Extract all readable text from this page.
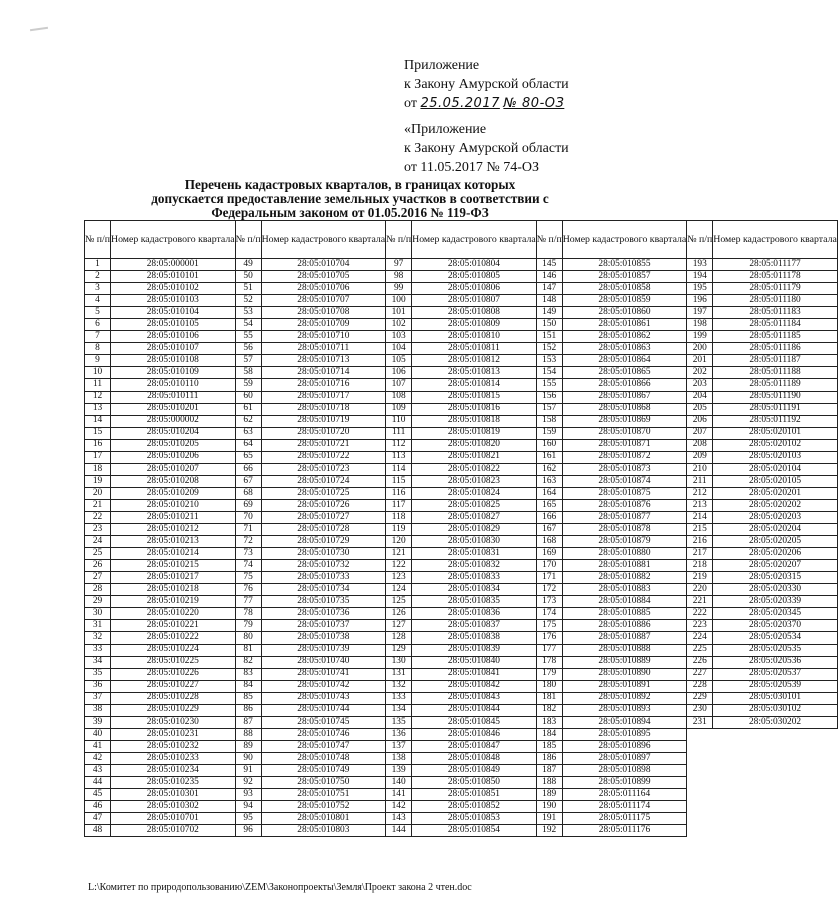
Приложение
к Закону Амурской области
от 25.05.2017 № 80-ОЗ
«Приложение
к Закону Амурской области
от 11.05.2017 № 74-ОЗ
Перечень кадастровых кварталов, в границах которых
допускается предоставление земельных участков в соответствии с
Федеральным законом от 01.05.2016 № 119-ФЗ
№ п/п	Номер кадастрового квартала	№ п/п	Номер кадастрового квартала	№ п/п	Номер кадастрового квартала	№ п/п	Номер кадастрового квартала	№ п/п	Номер кадастрового квартала
1	28:05:000001	49	28:05:010704	97	28:05:010804	145	28:05:010855	193	28:05:011177
2	28:05:010101	50	28:05:010705	98	28:05:010805	146	28:05:010857	194	28:05:011178
3	28:05:010102	51	28:05:010706	99	28:05:010806	147	28:05:010858	195	28:05:011179
4	28:05:010103	52	28:05:010707	100	28:05:010807	148	28:05:010859	196	28:05:011180
5	28:05:010104	53	28:05:010708	101	28:05:010808	149	28:05:010860	197	28:05:011183
6	28:05:010105	54	28:05:010709	102	28:05:010809	150	28:05:010861	198	28:05:011184
7	28:05:010106	55	28:05:010710	103	28:05:010810	151	28:05:010862	199	28:05:011185
8	28:05:010107	56	28:05:010711	104	28:05:010811	152	28:05:010863	200	28:05:011186
9	28:05:010108	57	28:05:010713	105	28:05:010812	153	28:05:010864	201	28:05:011187
10	28:05:010109	58	28:05:010714	106	28:05:010813	154	28:05:010865	202	28:05:011188
11	28:05:010110	59	28:05:010716	107	28:05:010814	155	28:05:010866	203	28:05:011189
12	28:05:010111	60	28:05:010717	108	28:05:010815	156	28:05:010867	204	28:05:011190
13	28:05:010201	61	28:05:010718	109	28:05:010816	157	28:05:010868	205	28:05:011191
14	28:05:000002	62	28:05:010719	110	28:05:010818	158	28:05:010869	206	28:05:011192
15	28:05:010204	63	28:05:010720	111	28:05:010819	159	28:05:010870	207	28:05:020101
16	28:05:010205	64	28:05:010721	112	28:05:010820	160	28:05:010871	208	28:05:020102
17	28:05:010206	65	28:05:010722	113	28:05:010821	161	28:05:010872	209	28:05:020103
18	28:05:010207	66	28:05:010723	114	28:05:010822	162	28:05:010873	210	28:05:020104
19	28:05:010208	67	28:05:010724	115	28:05:010823	163	28:05:010874	211	28:05:020105
20	28:05:010209	68	28:05:010725	116	28:05:010824	164	28:05:010875	212	28:05:020201
21	28:05:010210	69	28:05:010726	117	28:05:010825	165	28:05:010876	213	28:05:020202
22	28:05:010211	70	28:05:010727	118	28:05:010827	166	28:05:010877	214	28:05:020203
23	28:05:010212	71	28:05:010728	119	28:05:010829	167	28:05:010878	215	28:05:020204
24	28:05:010213	72	28:05:010729	120	28:05:010830	168	28:05:010879	216	28:05:020205
25	28:05:010214	73	28:05:010730	121	28:05:010831	169	28:05:010880	217	28:05:020206
26	28:05:010215	74	28:05:010732	122	28:05:010832	170	28:05:010881	218	28:05:020207
27	28:05:010217	75	28:05:010733	123	28:05:010833	171	28:05:010882	219	28:05:020315
28	28:05:010218	76	28:05:010734	124	28:05:010834	172	28:05:010883	220	28:05:020330
29	28:05:010219	77	28:05:010735	125	28:05:010835	173	28:05:010884	221	28:05:020339
30	28:05:010220	78	28:05:010736	126	28:05:010836	174	28:05:010885	222	28:05:020345
31	28:05:010221	79	28:05:010737	127	28:05:010837	175	28:05:010886	223	28:05:020370
32	28:05:010222	80	28:05:010738	128	28:05:010838	176	28:05:010887	224	28:05:020534
33	28:05:010224	81	28:05:010739	129	28:05:010839	177	28:05:010888	225	28:05:020535
34	28:05:010225	82	28:05:010740	130	28:05:010840	178	28:05:010889	226	28:05:020536
35	28:05:010226	83	28:05:010741	131	28:05:010841	179	28:05:010890	227	28:05:020537
36	28:05:010227	84	28:05:010742	132	28:05:010842	180	28:05:010891	228	28:05:020539
37	28:05:010228	85	28:05:010743	133	28:05:010843	181	28:05:010892	229	28:05:030101
38	28:05:010229	86	28:05:010744	134	28:05:010844	182	28:05:010893	230	28:05:030102
39	28:05:010230	87	28:05:010745	135	28:05:010845	183	28:05:010894	231	28:05:030202
40	28:05:010231	88	28:05:010746	136	28:05:010846	184	28:05:010895		
41	28:05:010232	89	28:05:010747	137	28:05:010847	185	28:05:010896		
42	28:05:010233	90	28:05:010748	138	28:05:010848	186	28:05:010897		
43	28:05:010234	91	28:05:010749	139	28:05:010849	187	28:05:010898		
44	28:05:010235	92	28:05:010750	140	28:05:010850	188	28:05:010899		
45	28:05:010301	93	28:05:010751	141	28:05:010851	189	28:05:011164		
46	28:05:010302	94	28:05:010752	142	28:05:010852	190	28:05:011174		
47	28:05:010701	95	28:05:010801	143	28:05:010853	191	28:05:011175		
48	28:05:010702	96	28:05:010803	144	28:05:010854	192	28:05:011176		
L:\Комитет по природопользованию\ZEM\Законопроекты\Земля\Проект закона 2 чтен.doc
